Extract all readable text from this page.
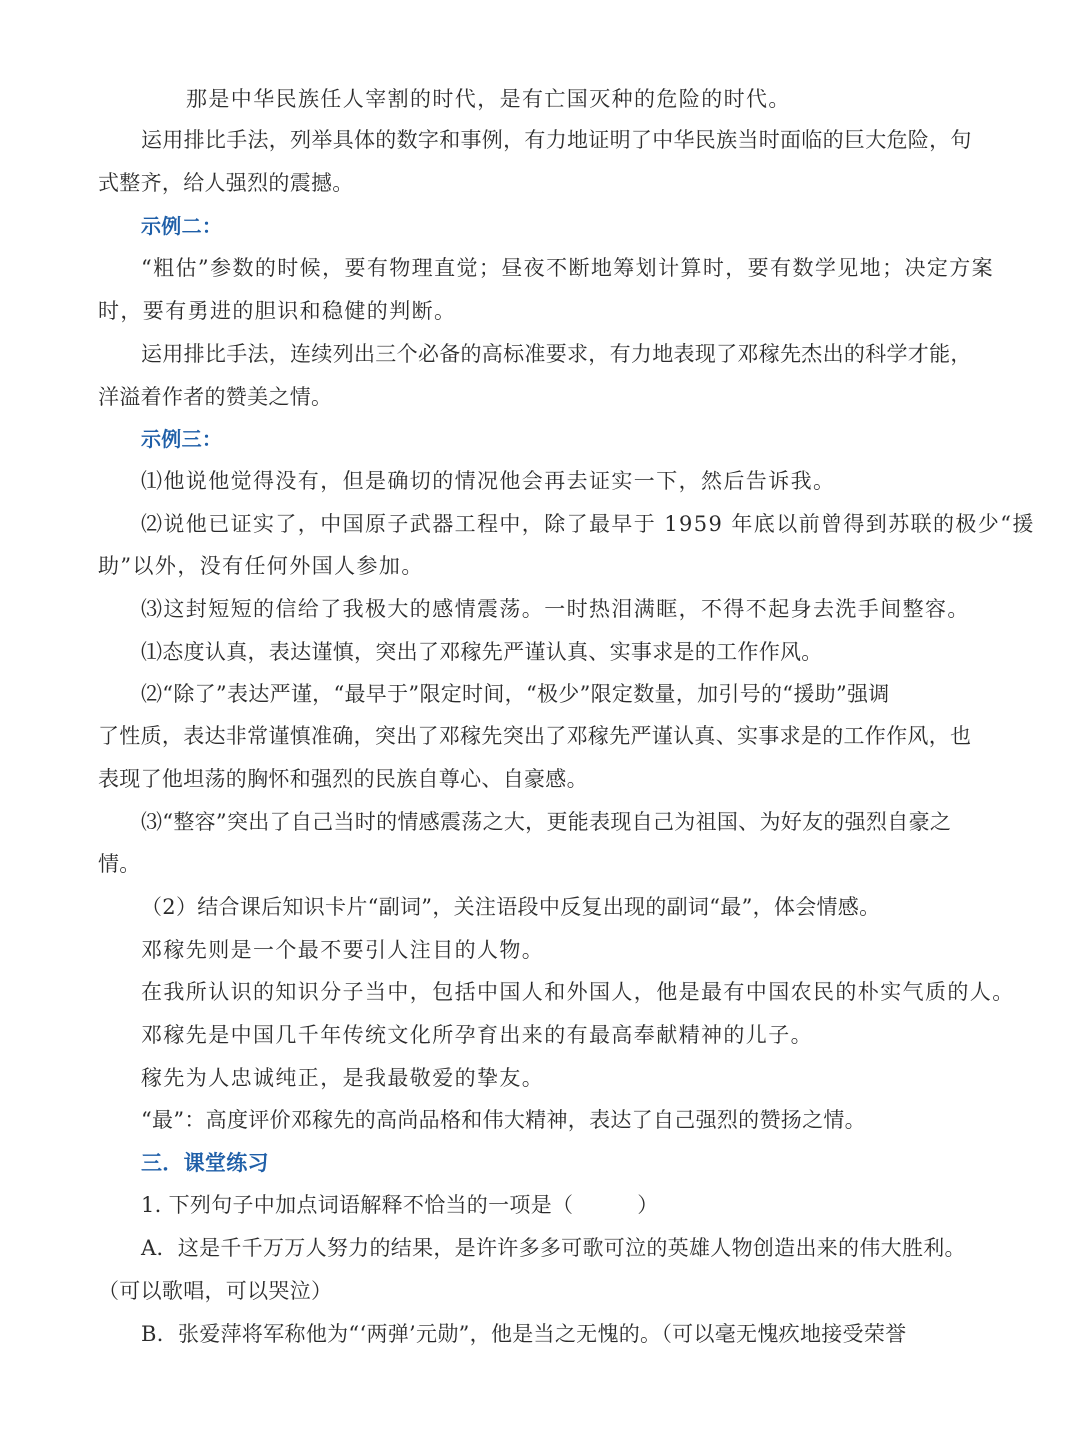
那是中华民族任人宰割的时代，是有亡国灭种的危险的时代。
运用排比手法，列举具体的数字和事例，有力地证明了中华民族当时面临的巨大危险，句
式整齐，给人强烈的震撼。
示例二：
“粗估”参数的时候，要有物理直觉；昼夜不断地筹划计算时，要有数学见地；决定方案
时，要有勇进的胆识和稳健的判断。
运用排比手法，连续列出三个必备的高标准要求，有力地表现了邓稼先杰出的科学才能，
洋溢着作者的赞美之情。
示例三：
⑴他说他觉得没有，但是确切的情况他会再去证实一下，然后告诉我。
⑵说他已证实了，中国原子武器工程中，除了最早于 1959 年底以前曾得到苏联的极少“援
助”以外，没有任何外国人参加。
⑶这封短短的信给了我极大的感情震荡。一时热泪满眶，不得不起身去洗手间整容。
⑴态度认真，表达谨慎，突出了邓稼先严谨认真、实事求是的工作作风。
⑵“除了”表达严谨，“最早于”限定时间，“极少”限定数量，加引号的“援助”强调
了性质，表达非常谨慎准确，突出了邓稼先突出了邓稼先严谨认真、实事求是的工作作风，也
表现了他坦荡的胸怀和强烈的民族自尊心、自豪感。
⑶“整容”突出了自己当时的情感震荡之大，更能表现自己为祖国、为好友的强烈自豪之
情。
（2）结合课后知识卡片“副词”，关注语段中反复出现的副词“最”，体会情感。
邓稼先则是一个最不要引人注目的人物。
在我所认识的知识分子当中，包括中国人和外国人，他是最有中国农民的朴实气质的人。
邓稼先是中国几千年传统文化所孕育出来的有最高奉献精神的儿子。
稼先为人忠诚纯正，是我最敬爱的挚友。
“最”：高度评价邓稼先的高尚品格和伟大精神，表达了自己强烈的赞扬之情。
三．课堂练习
1. 下列句子中加点词语解释不恰当的一项是（　　　）
A．这是千千万万人努力的结果，是许许多多可歌可泣的英雄人物创造出来的伟大胜利。
（可以歌唱，可以哭泣）
B．张爱萍将军称他为“‘两弹’元勋”，他是当之无愧的。（可以毫无愧疚地接受荣誉
